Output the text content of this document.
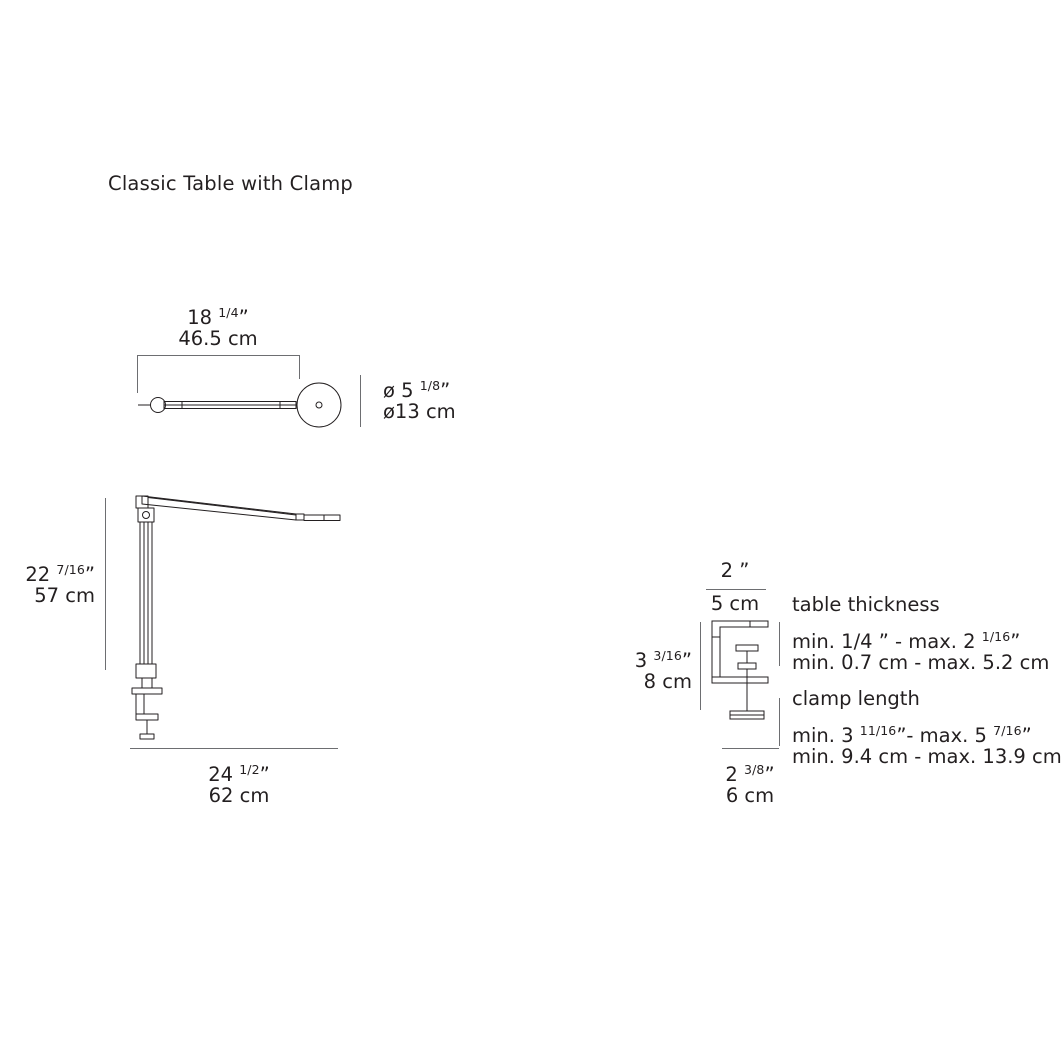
Classic Table with Clamp
18 $^{1/4}$”
46.5 cm
ø 5 $^{1/8}$”
ø13 cm
22 $^{7/16}$”
57 cm
24 $^{1/2}$”
62 cm
2 ”
5 cm
3 $^{3/16}$”
8 cm
table thickness
min. 1/4 ” - max. 2 $^{1/16}$”
min. 0.7 cm - max. 5.2 cm
clamp length
min. 3 $^{11/16}$”- max. 5 $^{7/16}$”
min. 9.4 cm - max. 13.9 cm
2 $^{3/8}$”
6 cm
